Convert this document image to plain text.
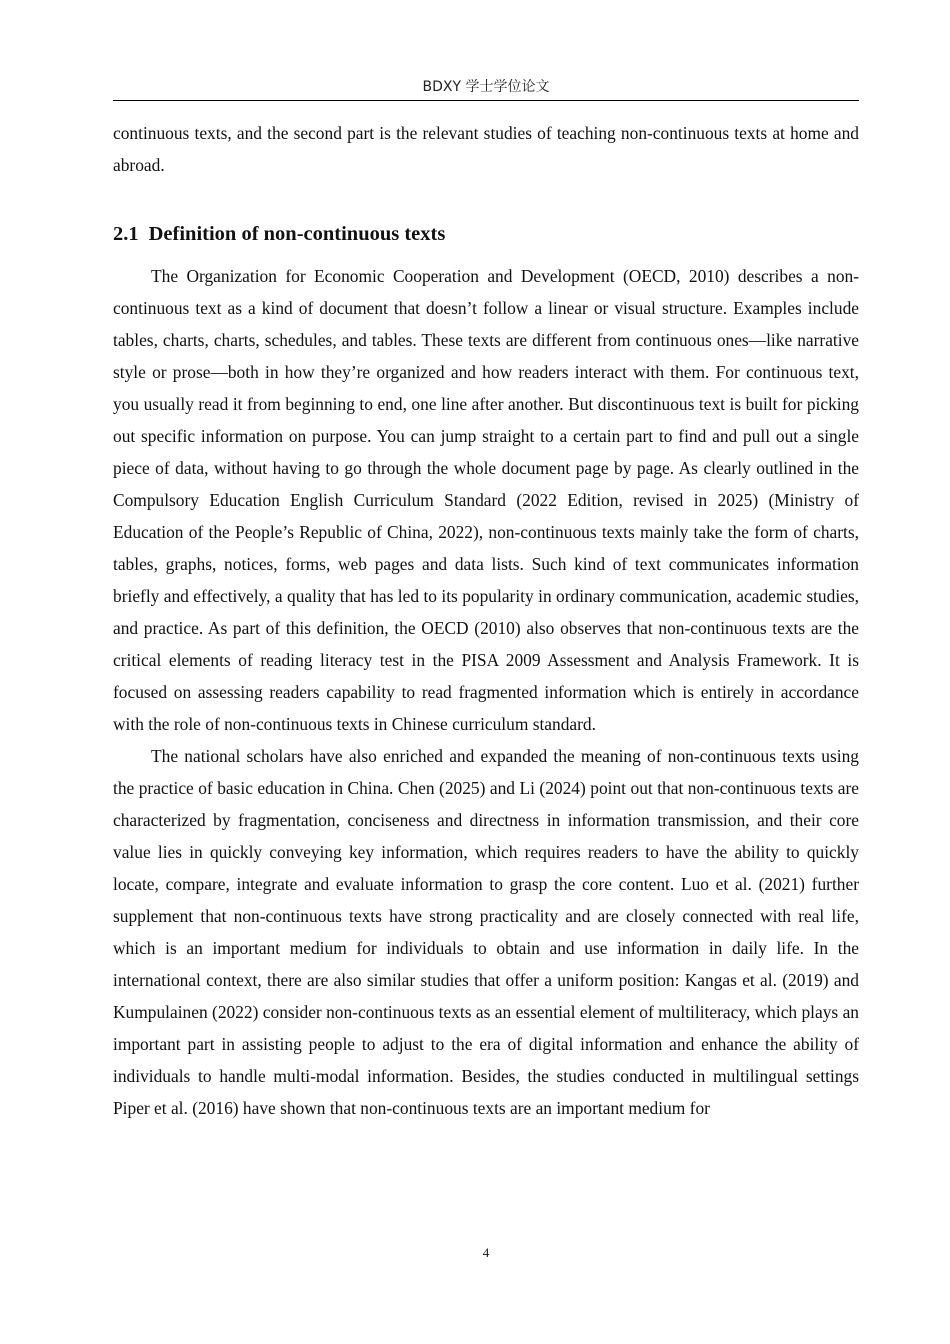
BDXY 学士学位论文

continuous texts, and the second part is the relevant studies of teaching non-continuous texts at home and abroad.

2.1 Definition of non-continuous texts

The Organization for Economic Cooperation and Development (OECD, 2010) describes a non-continuous text as a kind of document that doesn’t follow a linear or visual structure. Examples include tables, charts, charts, schedules, and tables. These texts are different from continuous ones—like narrative style or prose—both in how they’re organized and how readers interact with them. For continuous text, you usually read it from beginning to end, one line after another. But discontinuous text is built for picking out specific information on purpose. You can jump straight to a certain part to find and pull out a single piece of data, without having to go through the whole document page by page. As clearly outlined in the Compulsory Education English Curriculum Standard (2022 Edition, revised in 2025) (Ministry of Education of the People’s Republic of China, 2022), non-continuous texts mainly take the form of charts, tables, graphs, notices, forms, web pages and data lists. Such kind of text communicates information briefly and effectively, a quality that has led to its popularity in ordinary communication, academic studies, and practice. As part of this definition, the OECD (2010) also observes that non-continuous texts are the critical elements of reading literacy test in the PISA 2009 Assessment and Analysis Framework. It is focused on assessing readers capability to read fragmented information which is entirely in accordance with the role of non-continuous texts in Chinese curriculum standard.

The national scholars have also enriched and expanded the meaning of non-continuous texts using the practice of basic education in China. Chen (2025) and Li (2024) point out that non-continuous texts are characterized by fragmentation, conciseness and directness in information transmission, and their core value lies in quickly conveying key information, which requires readers to have the ability to quickly locate, compare, integrate and evaluate information to grasp the core content. Luo et al. (2021) further supplement that non-continuous texts have strong practicality and are closely connected with real life, which is an important medium for individuals to obtain and use information in daily life. In the international context, there are also similar studies that offer a uniform position: Kangas et al. (2019) and Kumpulainen (2022) consider non-continuous texts as an essential element of multiliteracy, which plays an important part in assisting people to adjust to the era of digital information and enhance the ability of individuals to handle multi-modal information. Besides, the studies conducted in multilingual settings Piper et al. (2016) have shown that non-continuous texts are an important medium for

4
